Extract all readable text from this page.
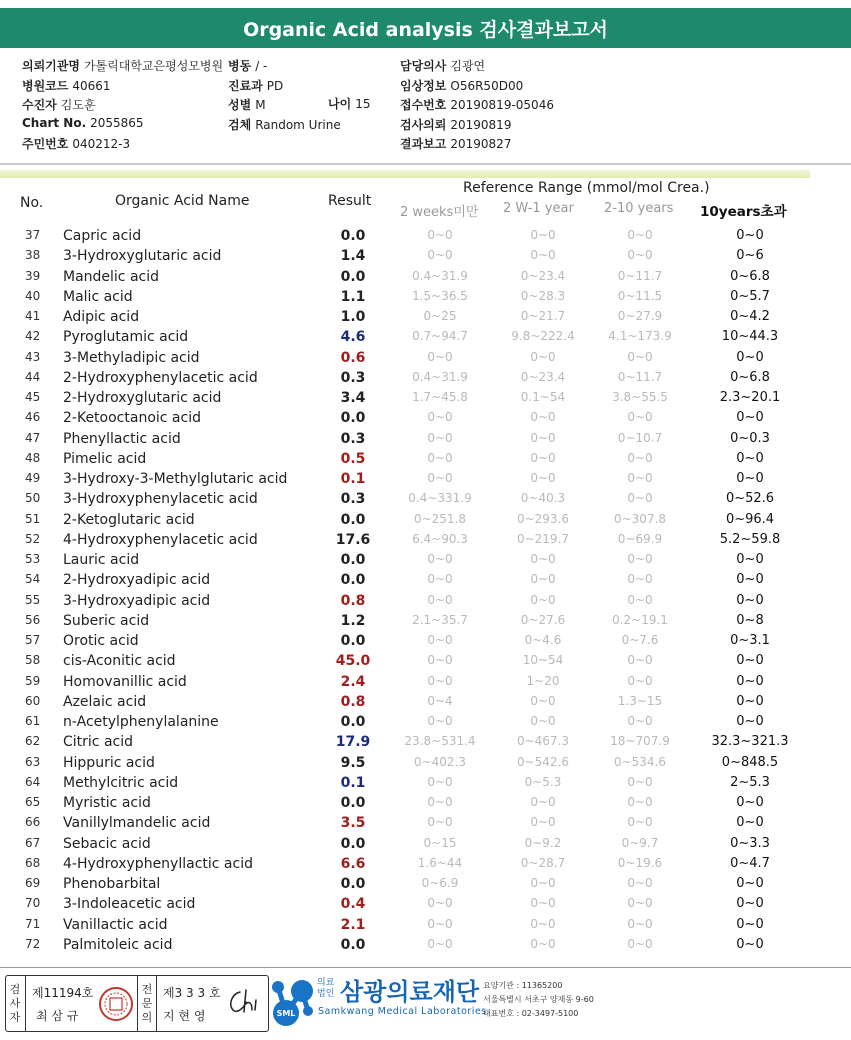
Organic Acid analysis 검사결과보고서
의뢰기관명 가톨릭대학교은평성모병원
병원코드 40661
수진자 김도훈
Chart No. 2055865
주민번호 040212-3
병동 / -
진료과 PD
성별 M
검체 Random Urine
담당의사 김광연
임상정보 O56R50D00
접수번호 20190819-05046
검사의뢰 20190819
결과보고 20190827
나이 15
No.	Organic Acid Name	Result
Reference Range (mmol/mol Crea.)
2 weeks미만 2 W-1 year 2-10 years 10years초과
37 Capric acid	0.0	0~0	0~0	0~0	0~0
38 3-Hydroxyglutaric acid	1.4	0~0	0~0	0~0	0~6
39 Mandelic acid	0.0	0.4~31.9	0~23.4	0~11.7	0~6.8
40 Malic acid	1.1	1.5~36.5	0~28.3	0~11.5	0~5.7
41 Adipic acid	1.0	0~25	0~21.7	0~27.9	0~4.2
42 Pyroglutamic acid	4.6	0.7~94.7	9.8~222.4	4.1~173.9	10~44.3
43 3-Methyladipic acid	0.6	0~0	0~0	0~0	0~0
44 2-Hydroxyphenylacetic acid	0.3	0.4~31.9	0~23.4	0~11.7	0~6.8
45 2-Hydroxyglutaric acid	3.4	1.7~45.8	0.1~54	3.8~55.5	2.3~20.1
46 2-Ketooctanoic acid	0.0	0~0	0~0	0~0	0~0
47 Phenyllactic acid	0.3	0~0	0~0	0~10.7	0~0.3
48 Pimelic acid	0.5	0~0	0~0	0~0	0~0
49 3-Hydroxy-3-Methylglutaric acid	0.1	0~0	0~0	0~0	0~0
50 3-Hydroxyphenylacetic acid	0.3	0.4~331.9	0~40.3	0~0	0~52.6
51 2-Ketoglutaric acid	0.0	0~251.8	0~293.6	0~307.8	0~96.4
52 4-Hydroxyphenylacetic acid	17.6	6.4~90.3	0~219.7	0~69.9	5.2~59.8
53 Lauric acid	0.0	0~0	0~0	0~0	0~0
54 2-Hydroxyadipic acid	0.0	0~0	0~0	0~0	0~0
55 3-Hydroxyadipic acid	0.8	0~0	0~0	0~0	0~0
56 Suberic acid	1.2	2.1~35.7	0~27.6	0.2~19.1	0~8
57 Orotic acid	0.0	0~0	0~4.6	0~7.6	0~3.1
58 cis-Aconitic acid	45.0	0~0	10~54	0~0	0~0
59 Homovanillic acid	2.4	0~0	1~20	0~0	0~0
60 Azelaic acid	0.8	0~4	0~0	1.3~15	0~0
61 n-Acetylphenylalanine	0.0	0~0	0~0	0~0	0~0
62 Citric acid	17.9	23.8~531.4	0~467.3	18~707.9	32.3~321.3
63 Hippuric acid	9.5	0~402.3	0~542.6	0~534.6	0~848.5
64 Methylcitric acid	0.1	0~0	0~5.3	0~0	2~5.3
65 Myristic acid	0.0	0~0	0~0	0~0	0~0
66 Vanillylmandelic acid	3.5	0~0	0~0	0~0	0~0
67 Sebacic acid	0.0	0~15	0~9.2	0~9.7	0~3.3
68 4-Hydroxyphenyllactic acid	6.6	1.6~44	0~28.7	0~19.6	0~4.7
69 Phenobarbital	0.0	0~6.9	0~0	0~0	0~0
70 3-Indoleacetic acid	0.4	0~0	0~0	0~0	0~0
71 Vanillactic acid	2.1	0~0	0~0	0~0	0~0
72 Palmitoleic acid	0.0	0~0	0~0	0~0	0~0
검사자
제11194호
최 삼 규
전문의
제3 3 3 호
지 현 영	SML
의료법인 삼광의료재단
Samkwang Medical Laboratories
요양기관 : 11365200
서울특별시 서초구 양재동 9-60
대표번호 : 02-3497-5100
